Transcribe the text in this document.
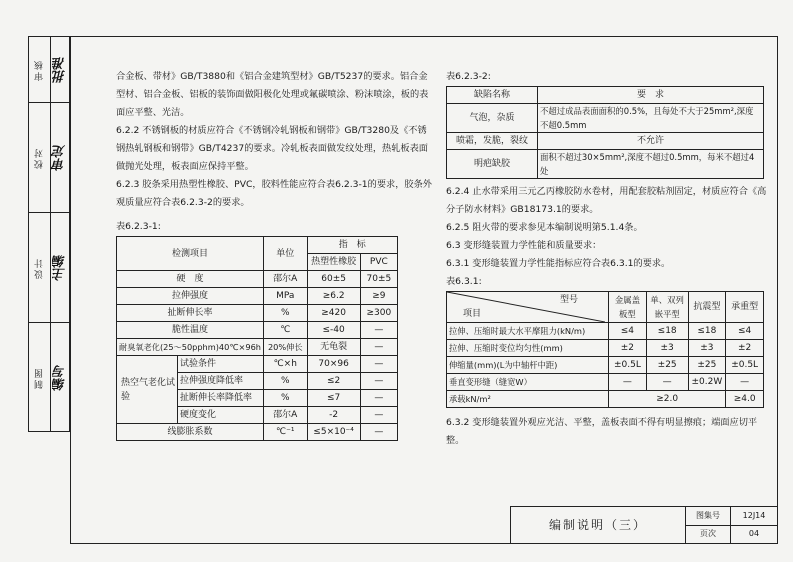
审核
校对
设计
制图
批准
审定
主编
编写

合金板、带材》GB/T3880和《铝合金建筑型材》GB/T5237的要求。铝合金型材、铝合金板、铝板的装饰面做阳极化处理或氟碳喷涂、粉沫喷涂，板的表面应平整、光洁。

6.2.2 不锈钢板的材质应符合《不锈钢冷轧钢板和钢带》GB/T3280及《不锈钢热轧钢板和钢带》GB/T4237的要求。冷轧板表面做发纹处理，热轧板表面做抛光处理，板表面应保持平整。

6.2.3 胶条采用热塑性橡胶、PVC，胶料性能应符合表6.2.3-1的要求，胶条外观质量应符合表6.2.3-2的要求。

表6.2.3-1:

检测项目		单位	指　标	
			热塑性橡胶	PVC
硬　度		邵尔A	60±5	70±5
拉伸强度		MPa	≥6.2	≥9
扯断伸长率		%	≥420	≥300
脆性温度		℃	≤-40	—
耐臭氧老化(25～50pphm)40℃×96h		20%伸长	无龟裂	—
热空气老化试验	试验条件	℃×h	70×96	—
	拉伸强度降低率	%	≤2	—
	扯断伸长率降低率	%	≤7	—
	硬度变化	邵尔A	-2	—
线膨胀系数		℃⁻¹	≤5×10⁻⁴	—

表6.2.3-2:

缺陷名称	要　求
气泡，杂质	不超过成品表面面积的0.5%，且每处不大于25mm²,深度不超0.5mm
喷霜，发脆，裂纹	不允许
明疤缺胶	面积不超过30×5mm²,深度不超过0.5mm，每米不超过4处

6.2.4 止水带采用三元乙丙橡胶防水卷材，用配套胶粘剂固定，材质应符合《高分子防水材料》GB18173.1的要求。

6.2.5 阻火带的要求参见本编制说明第5.1.4条。

6.3 变形缝装置力学性能和质量要求：

6.3.1 变形缝装置力学性能指标应符合表6.3.1的要求。

表6.3.1:

型号
项目	金属盖板型	单、双列嵌平型	抗震型	承重型
拉伸、压缩时最大水平摩阻力(kN/m)	≤4	≤18	≤18	≤4
拉伸、压缩时变位均匀性(mm)	±2	±3	±3	±2
伸缩量(mm)(L为中轴杆中距)	±0.5L	±25	±25	±0.5L
垂直变形缝（缝宽W）	—	—	±0.2W	—
承载kN/m²	≥2.0			≥4.0

6.3.2 变形缝装置外观应光洁、平整，盖板表面不得有明显擦痕；端面应切平整。

编制说明（三）	图集号	12J14
	页次	04
